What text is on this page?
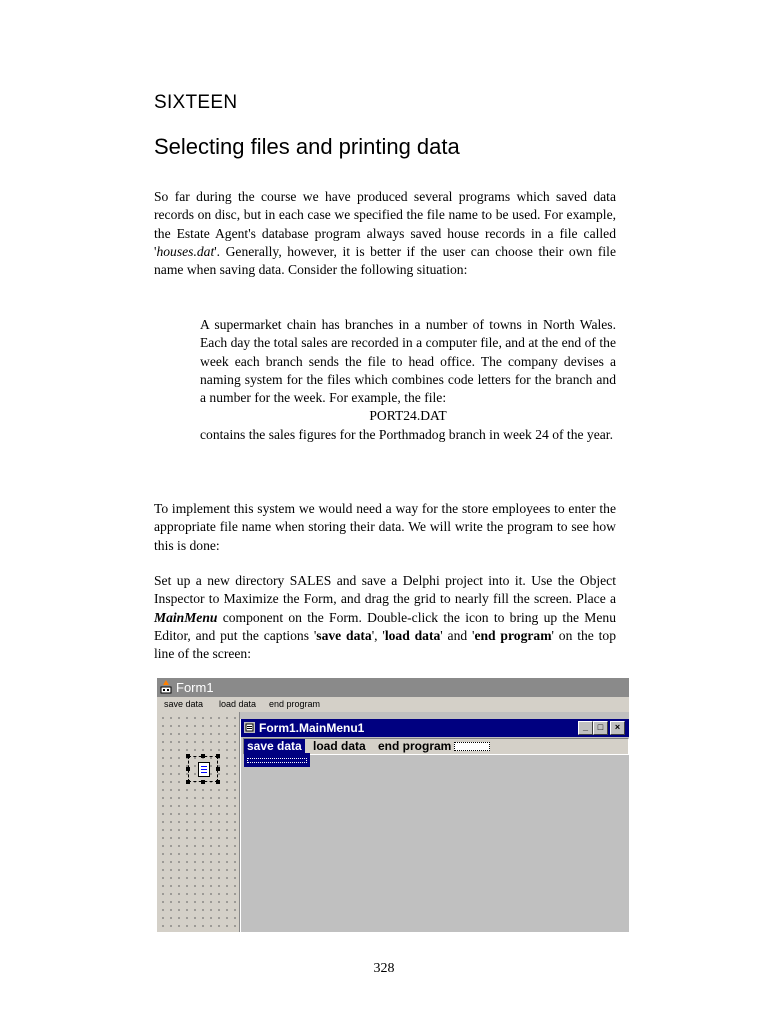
SIXTEEN
Selecting files and printing data

So far during the course we have produced several programs which saved data records on disc, but in each case we specified the file name to be used. For example, the Estate Agent's database program always saved house records in a file called 'houses.dat'. Generally, however, it is better if the user can choose their own file name when saving data. Consider the following situation:

A supermarket chain has branches in a number of towns in North Wales. Each day the total sales are recorded in a computer file, and at the end of the week each branch sends the file to head office. The company devises a naming system for the files which combines code letters for the branch and a number for the week. For example, the file:
PORT24.DAT
contains the sales figures for the Porthmadog branch in week 24 of the year.

To implement this system we would need a way for the store employees to enter the appropriate file name when storing their data. We will write the program to see how this is done:

Set up a new directory SALES and save a Delphi project into it. Use the Object Inspector to Maximize the Form, and drag the grid to nearly fill the screen. Place a MainMenu component on the Form. Double-click the icon to bring up the Menu Editor, and put the captions 'save data', 'load data' and 'end program' on the top line of the screen:

Form1
save data load data end program
Form1.MainMenu1	_	□	×
save data load data end program
328
